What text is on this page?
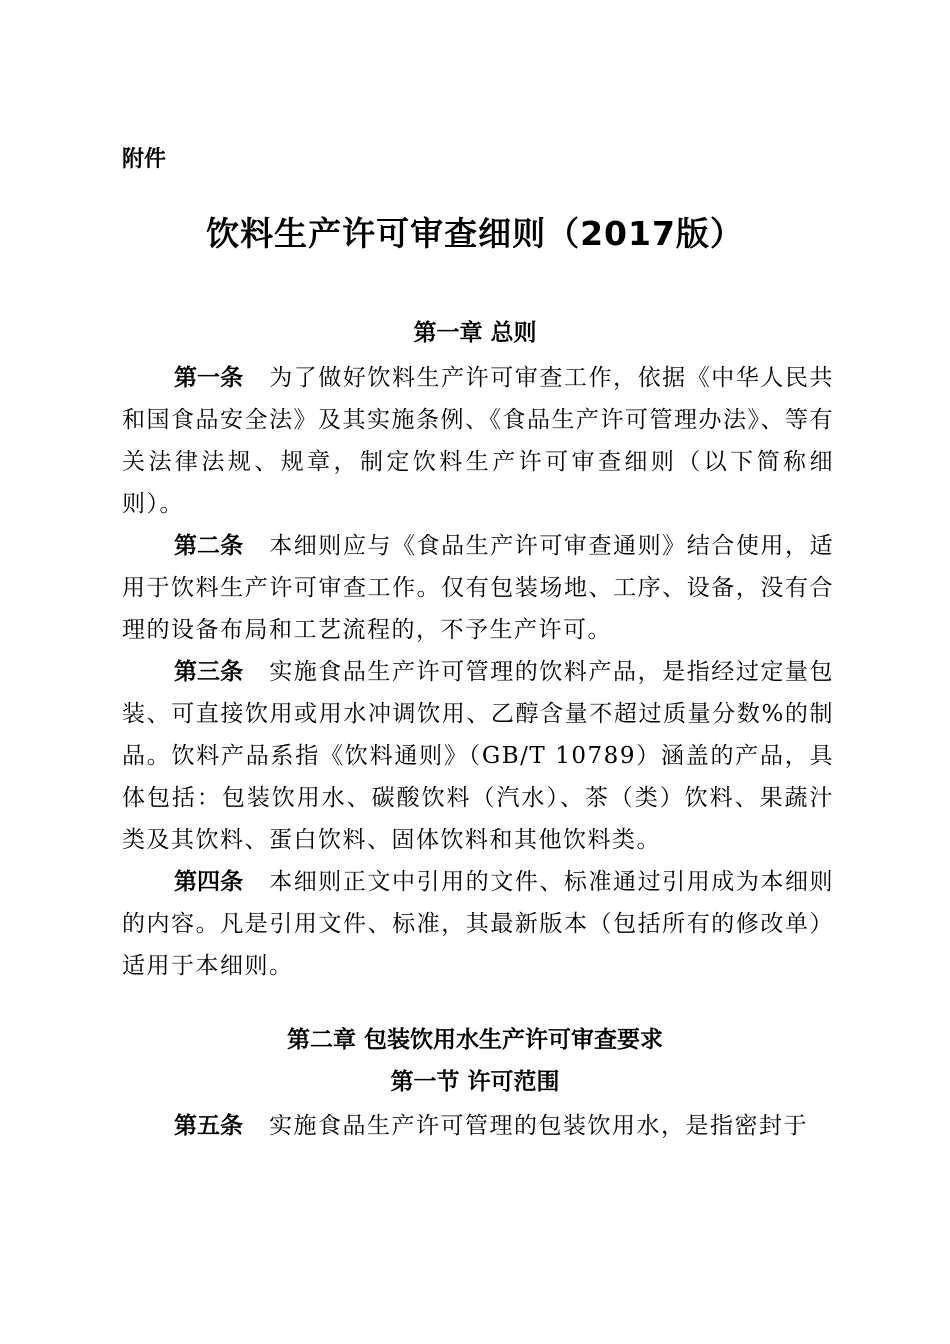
附件
饮料生产许可审查细则（2017版）
第一章 总则
第一条 为了做好饮料生产许可审查工作，依据《中华人民共和国食品安全法》及其实施条例、《食品生产许可管理办法》、等有关法律法规、规章，制定饮料生产许可审查细则（以下简称细则）。
第二条 本细则应与《食品生产许可审查通则》结合使用，适用于饮料生产许可审查工作。仅有包装场地、工序、设备，没有合理的设备布局和工艺流程的，不予生产许可。
第三条 实施食品生产许可管理的饮料产品，是指经过定量包装、可直接饮用或用水冲调饮用、乙醇含量不超过质量分数%的制品。饮料产品系指《饮料通则》（GB/T 10789）涵盖的产品，具体包括：包装饮用水、碳酸饮料（汽水）、茶（类）饮料、果蔬汁类及其饮料、蛋白饮料、固体饮料和其他饮料类。
第四条 本细则正文中引用的文件、标准通过引用成为本细则的内容。凡是引用文件、标准，其最新版本（包括所有的修改单）适用于本细则。
第二章 包装饮用水生产许可审查要求
第一节 许可范围
第五条 实施食品生产许可管理的包装饮用水，是指密封于
